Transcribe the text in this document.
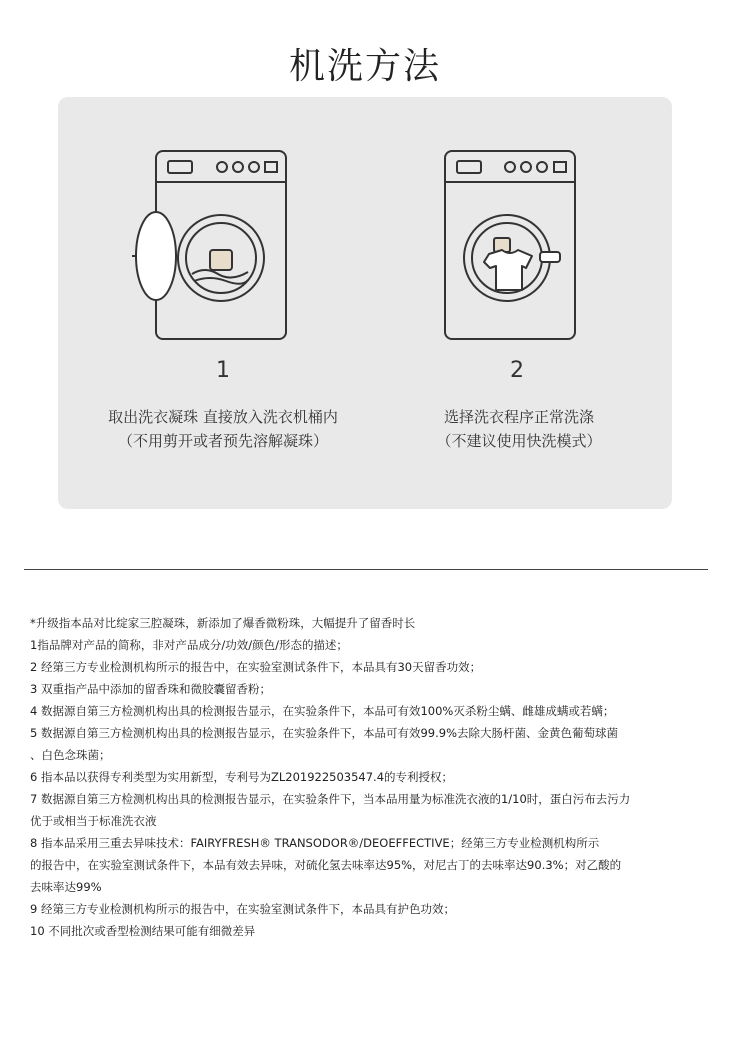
机洗方法
1	2
取出洗衣凝珠 直接放入洗衣机桶内
（不用剪开或者预先溶解凝珠）
选择洗衣程序正常洗涤
（不建议使用快洗模式）
*升级指本品对比绽家三腔凝珠，新添加了爆香微粉珠，大幅提升了留香时长
1指品牌对产品的简称，非对产品成分/功效/颜色/形态的描述；
2 经第三方专业检测机构所示的报告中，在实验室测试条件下，本品具有30天留香功效；
3 双重指产品中添加的留香珠和微胶囊留香粉；
4 数据源自第三方检测机构出具的检测报告显示，在实验条件下，本品可有效100%灭杀粉尘螨、雌雄成螨或若螨；
5 数据源自第三方检测机构出具的检测报告显示，在实验条件下，本品可有效99.9%去除大肠杆菌、金黄色葡萄球菌
、白色念珠菌；
6 指本品以获得专利类型为实用新型，专利号为ZL201922503547.4的专利授权；
7 数据源自第三方检测机构出具的检测报告显示，在实验条件下，当本品用量为标准洗衣液的1/10时，蛋白污布去污力
优于或相当于标准洗衣液
8 指本品采用三重去异味技术：FAIRYFRESH® TRANSODOR®/DEOEFFECTIVE；经第三方专业检测机构所示
的报告中，在实验室测试条件下，本品有效去异味，对硫化氢去味率达95%，对尼古丁的去味率达90.3%；对乙酸的
去味率达99%
9 经第三方专业检测机构所示的报告中，在实验室测试条件下，本品具有护色功效；
10 不同批次或香型检测结果可能有细微差异
